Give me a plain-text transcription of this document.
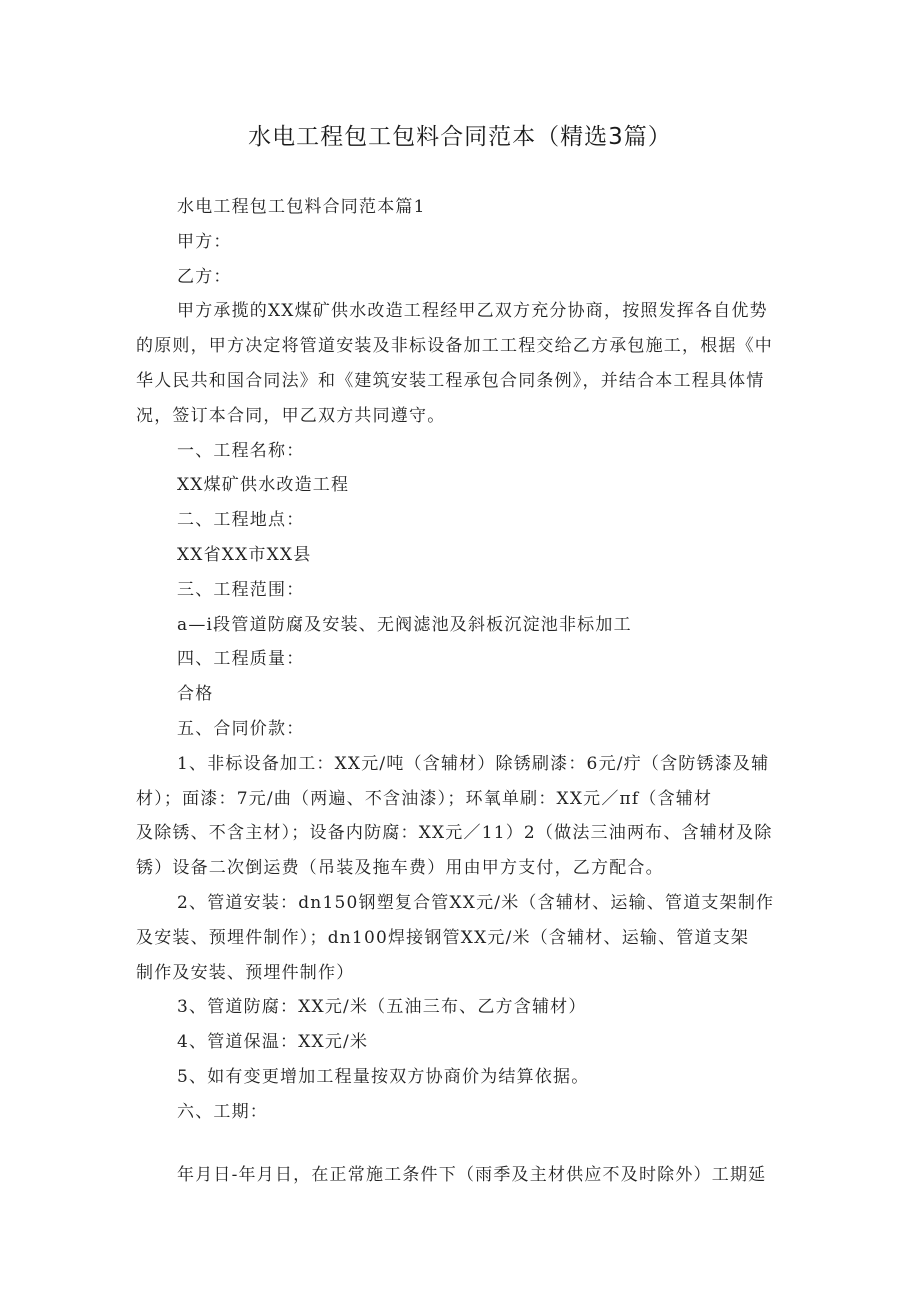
水电工程包工包料合同范本（精选3篇）

水电工程包工包料合同范本篇1

甲方：

乙方：

甲方承揽的XX煤矿供水改造工程经甲乙双方充分协商，按照发挥各自优势

的原则，甲方决定将管道安装及非标设备加工工程交给乙方承包施工，根据《中

华人民共和国合同法》和《建筑安装工程承包合同条例》，并结合本工程具体情

况，签订本合同，甲乙双方共同遵守。

一、工程名称：

XX煤矿供水改造工程

二、工程地点：

XX省XX市XX县

三、工程范围：

a—i段管道防腐及安装、无阀滤池及斜板沉淀池非标加工

四、工程质量：

合格

五、合同价款：

1、非标设备加工：XX元/吨（含辅材）除锈刷漆：6元/疔（含防锈漆及辅

材）；面漆：7元/曲（两遍、不含油漆）；环氧单刷：XX元／πf（含辅材

及除锈、不含主材）；设备内防腐：XX元／11）2（做法三油两布、含辅材及除

锈）设备二次倒运费（吊装及拖车费）用由甲方支付，乙方配合。

2、管道安装：dn150钢塑复合管XX元/米（含辅材、运输、管道支架制作

及安装、预埋件制作）；dn100焊接钢管XX元/米（含辅材、运输、管道支架

制作及安装、预埋件制作）

3、管道防腐：XX元/米（五油三布、乙方含辅材）

4、管道保温：XX元/米

5、如有变更增加工程量按双方协商价为结算依据。

六、工期：

年月日-年月日，在正常施工条件下（雨季及主材供应不及时除外）工期延
